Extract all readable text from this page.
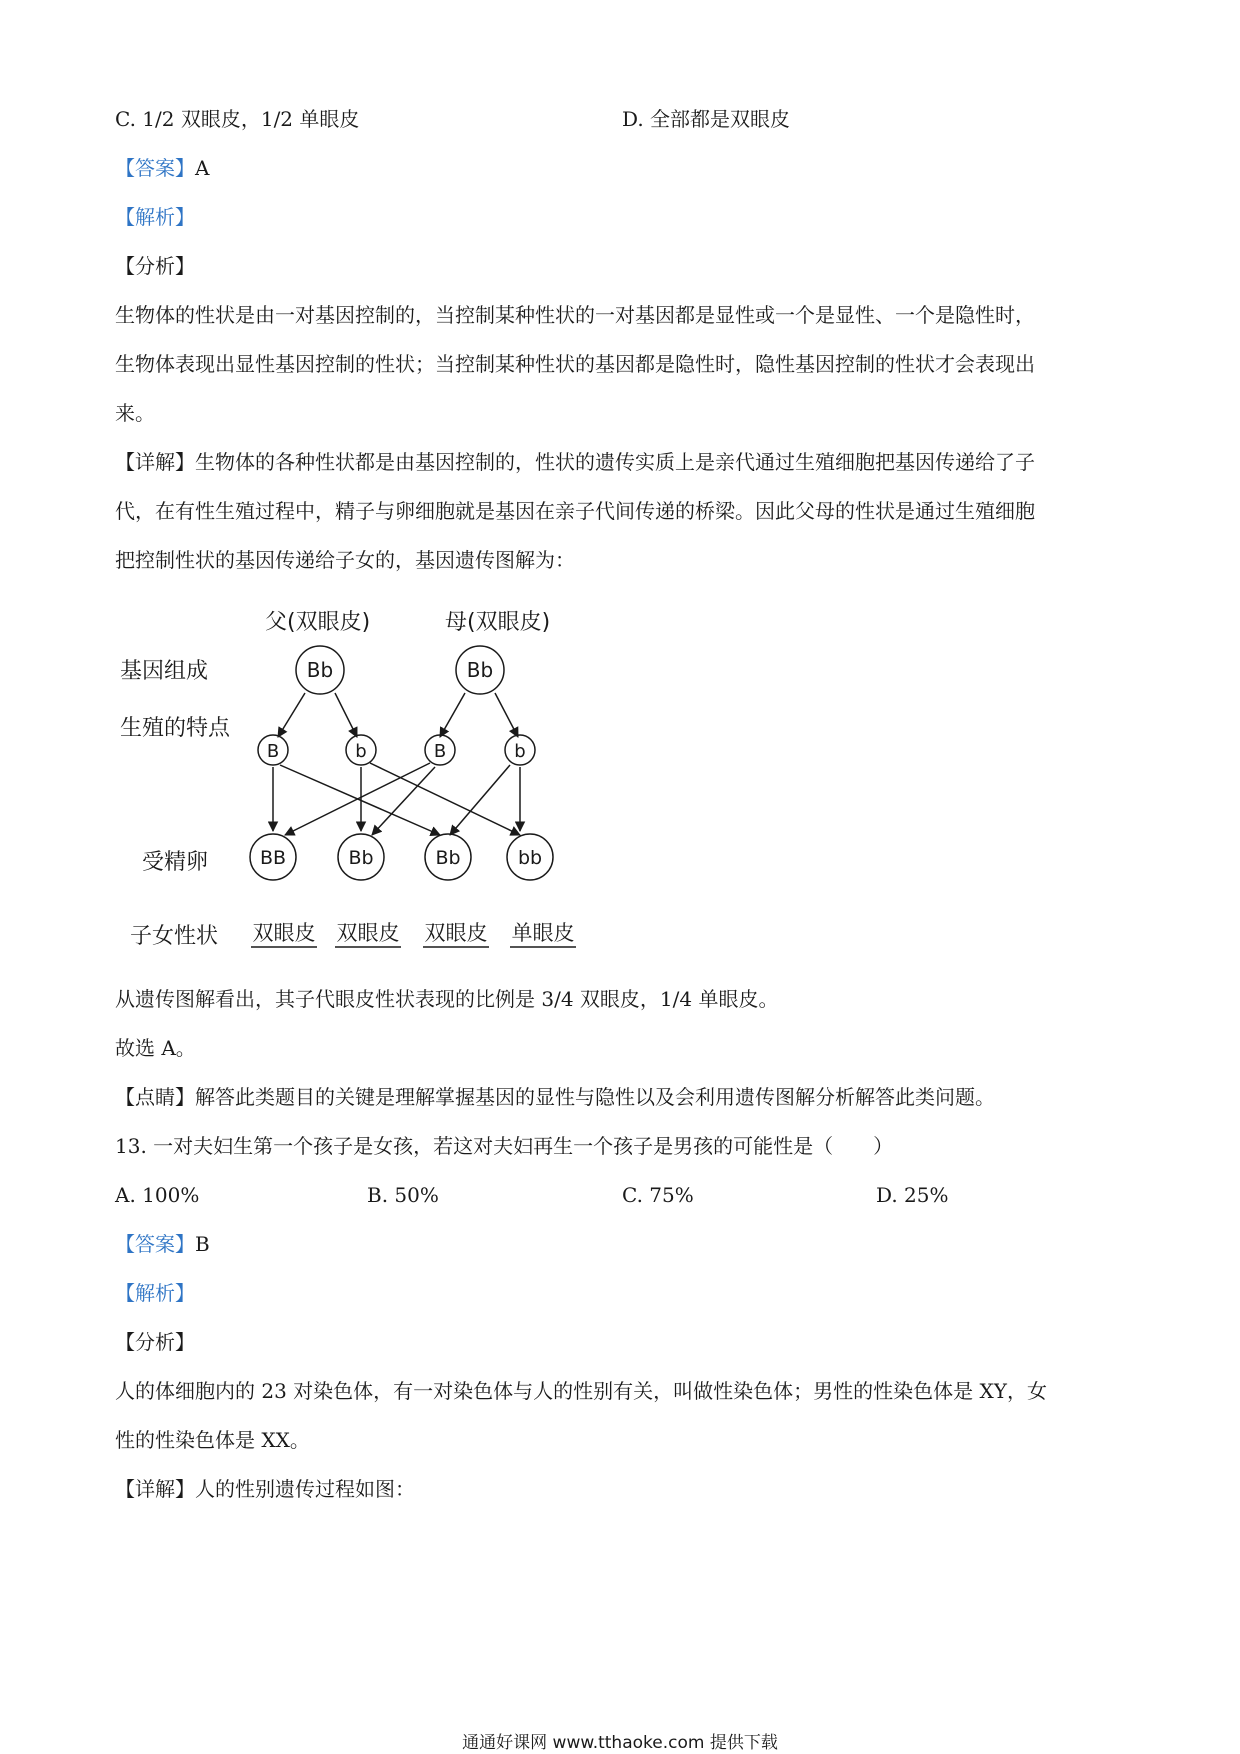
C. 1/2 双眼皮，1/2 单眼皮	D. 全部都是双眼皮
【答案】A
【解析】
【分析】
生物体的性状是由一对基因控制的，当控制某种性状的一对基因都是显性或一个是显性、一个是隐性时，
生物体表现出显性基因控制的性状；当控制某种性状的基因都是隐性时，隐性基因控制的性状才会表现出
来。
【详解】生物体的各种性状都是由基因控制的，性状的遗传实质上是亲代通过生殖细胞把基因传递给了子
代，在有性生殖过程中，精子与卵细胞就是基因在亲子代间传递的桥梁。因此父母的性状是通过生殖细胞
把控制性状的基因传递给子女的，基因遗传图解为：
父(双眼皮)	母(双眼皮)
基因组成
生殖的特点
受精卵
子女性状
Bb	Bb
B	b	B	b
BB	Bb	Bb	bb
双眼皮 双眼皮 双眼皮 单眼皮
从遗传图解看出，其子代眼皮性状表现的比例是 3/4 双眼皮，1/4 单眼皮。
故选 A。
【点睛】解答此类题目的关键是理解掌握基因的显性与隐性以及会利用遗传图解分析解答此类问题。
13. 一对夫妇生第一个孩子是女孩，若这对夫妇再生一个孩子是男孩的可能性是（　　）
A. 100%	B. 50%	C. 75%	D. 25%
【答案】B
【解析】
【分析】
人的体细胞内的 23 对染色体，有一对染色体与人的性别有关，叫做性染色体；男性的性染色体是 XY，女
性的性染色体是 XX。
【详解】人的性别遗传过程如图：
通通好课网 www.tthaoke.com 提供下载
